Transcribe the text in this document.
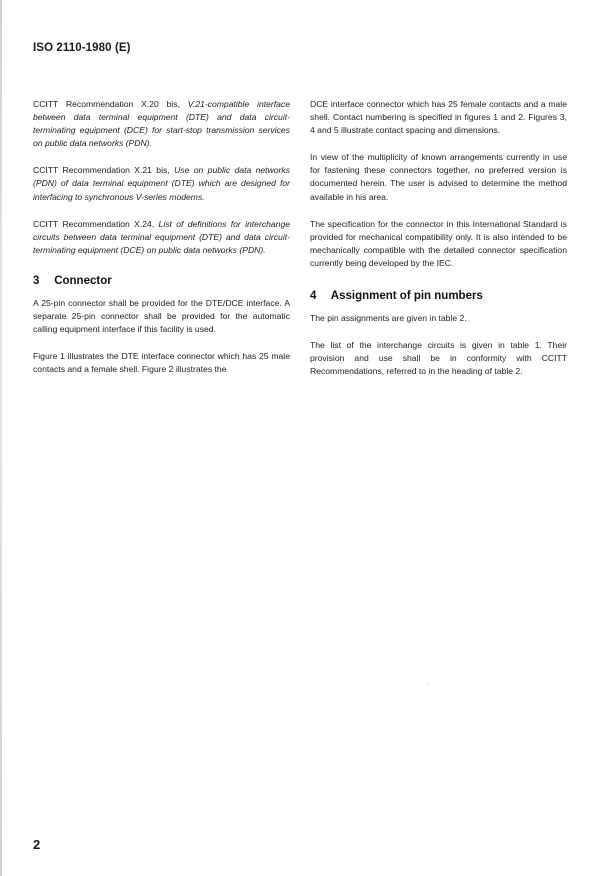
ISO 2110-1980 (E)

CCITT Recommendation X.20 bis, V.21-compatible interface between data terminal equipment (DTE) and data circuit-terminating equipment (DCE) for start-stop transmission services on public data networks (PDN).

CCITT Recommendation X.21 bis, Use on public data networks (PDN) of data terminal equipment (DTE) which are designed for interfacing to synchronous V-series modems.

CCITT Recommendation X.24, List of definitions for interchange circuits between data terminal equipment (DTE) and data circuit-terminating equipment (DCE) on public data networks (PDN).

3 Connector

A 25-pin connector shall be provided for the DTE/DCE interface. A separate 25-pin connector shall be provided for the automatic calling equipment interface if this facility is used.

Figure 1 illustrates the DTE interface connector which has 25 male contacts and a female shell. Figure 2 illustrates the

DCE interface connector which has 25 female contacts and a male shell. Contact numbering is specified in figures 1 and 2. Figures 3, 4 and 5 illustrate contact spacing and dimensions.

In view of the multiplicity of known arrangements currently in use for fastening these connectors together, no preferred version is documented herein. The user is advised to determine the method available in his area.

The specification for the connector in this International Standard is provided for mechanical compatibility only. It is also intended to be mechanically compatible with the detailed connector specification currently being developed by the IEC.

4 Assignment of pin numbers

The pin assignments are given in table 2.

The list of the interchange circuits is given in table 1. Their provision and use shall be in conformity with CCITT Recommendations, referred to in the heading of table 2.

2
